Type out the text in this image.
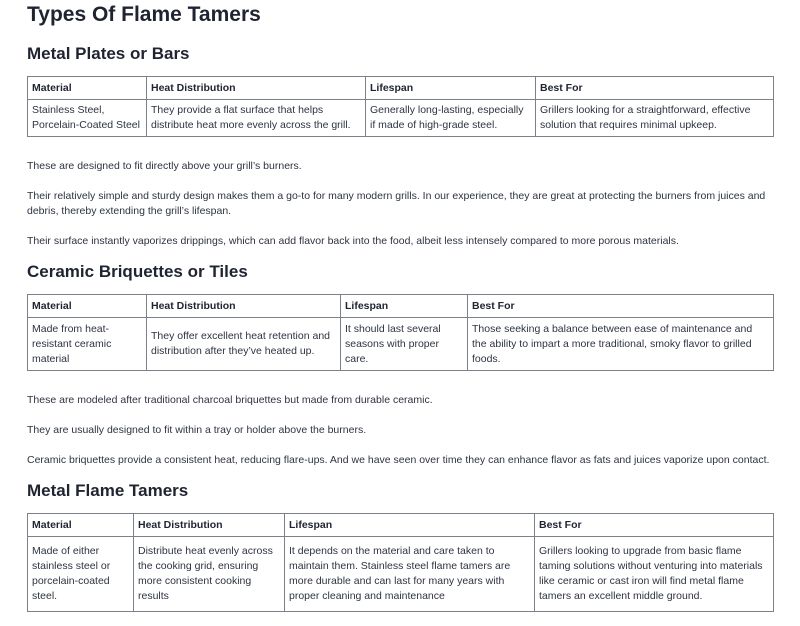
Types Of Flame Tamers
Metal Plates or Bars
Material	Heat Distribution	Lifespan	Best For
Stainless Steel, Porcelain-Coated Steel	They provide a flat surface that helps distribute heat more evenly across the grill.	Generally long-lasting, especially if made of high-grade steel.	Grillers looking for a straightforward, effective solution that requires minimal upkeep.

These are designed to fit directly above your grill’s burners.

Their relatively simple and sturdy design makes them a go-to for many modern grills. In our experience, they are great at protecting the burners from juices and debris, thereby extending the grill’s lifespan.

Their surface instantly vaporizes drippings, which can add flavor back into the food, albeit less intensely compared to more porous materials.

Ceramic Briquettes or Tiles
Material	Heat Distribution	Lifespan	Best For
Made from heat-resistant ceramic material	They offer excellent heat retention and distribution after they’ve heated up.	It should last several seasons with proper care.	Those seeking a balance between ease of maintenance and the ability to impart a more traditional, smoky flavor to grilled foods.

These are modeled after traditional charcoal briquettes but made from durable ceramic.

They are usually designed to fit within a tray or holder above the burners.

Ceramic briquettes provide a consistent heat, reducing flare-ups. And we have seen over time they can enhance flavor as fats and juices vaporize upon contact.

Metal Flame Tamers
Material	Heat Distribution	Lifespan	Best For
Made of either stainless steel or porcelain-coated steel.	Distribute heat evenly across the cooking grid, ensuring more consistent cooking results	It depends on the material and care taken to maintain them. Stainless steel flame tamers are more durable and can last for many years with proper cleaning and maintenance	Grillers looking to upgrade from basic flame taming solutions without venturing into materials like ceramic or cast iron will find metal flame tamers an excellent middle ground.
